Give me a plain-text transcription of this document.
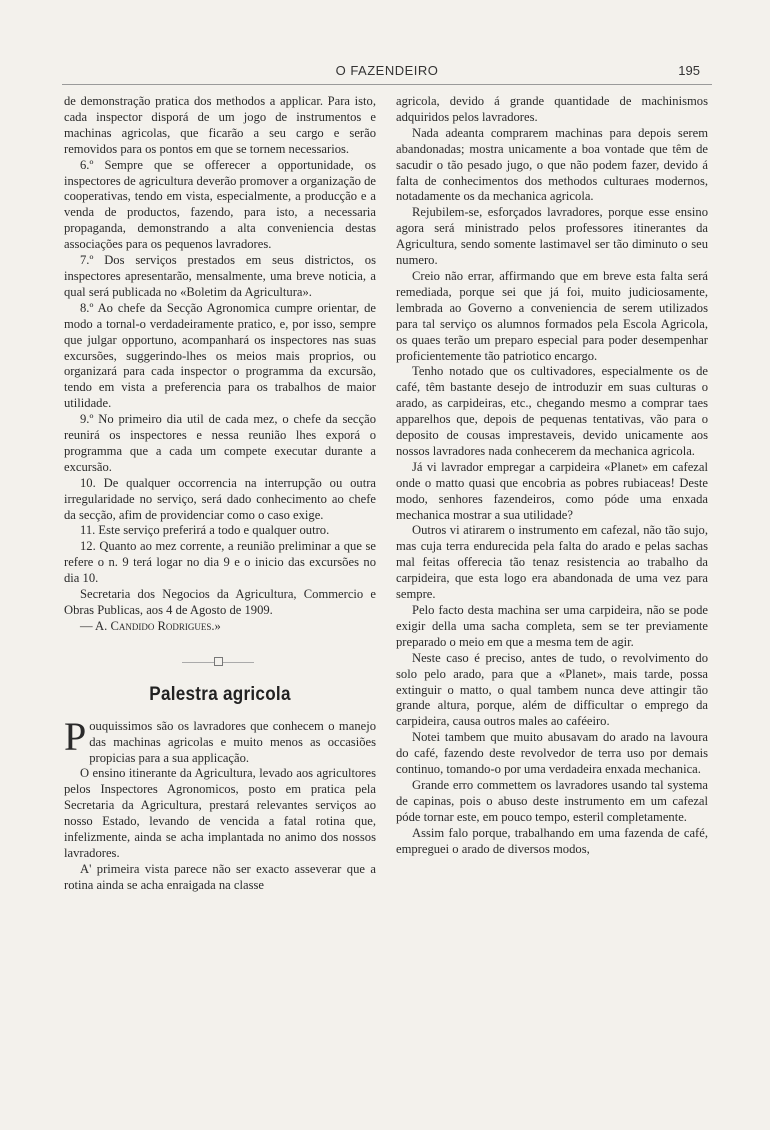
O FAZENDEIRO	195

de demonstração pratica dos methodos a applicar. Para isto, cada inspector disporá de um jogo de instrumentos e machinas agricolas, que ficarão a seu cargo e serão removidos para os pontos em que se tornem necessarios.

6.º Sempre que se offerecer a opportunidade, os inspectores de agricultura deverão promover a organização de cooperativas, tendo em vista, especialmente, a producção e a venda de productos, fazendo, para isto, a necessaria propaganda, demonstrando a alta conveniencia destas associações para os pequenos lavradores.

7.º Dos serviços prestados em seus districtos, os inspectores apresentarão, mensalmente, uma breve noticia, a qual será publicada no «Boletim da Agricultura».

8.º Ao chefe da Secção Agronomica cumpre orientar, de modo a tornal-o verdadeiramente pratico, e, por isso, sempre que julgar opportuno, acompanhará os inspectores nas suas excursões, suggerindo-lhes os meios mais proprios, ou organizará para cada inspector o programma da excursão, tendo em vista a preferencia para os trabalhos de maior utilidade.

9.º No primeiro dia util de cada mez, o chefe da secção reunirá os inspectores e nessa reunião lhes exporá o programma que a cada um compete executar durante a excursão.

10. De qualquer occorrencia na interrupção ou outra irregularidade no serviço, será dado conhecimento ao chefe da secção, afim de providenciar como o caso exige.

11. Este serviço preferirá a todo e qualquer outro.

12. Quanto ao mez corrente, a reunião preliminar a que se refere o n. 9 terá logar no dia 9 e o inicio das excursões no dia 10.

Secretaria dos Negocios da Agricultura, Commercio e Obras Publicas, aos 4 de Agosto de 1909.

— A. Candido Rodrigues.»

Palestra agricola

Pouquissimos são os lavradores que conhecem o manejo das machinas agricolas e muito menos as occasiões propicias para a sua applicação.

O ensino itinerante da Agricultura, levado aos agricultores pelos Inspectores Agronomicos, posto em pratica pela Secretaria da Agricultura, prestará relevantes serviços ao nosso Estado, levando de vencida a fatal rotina que, infelizmente, ainda se acha implantada no animo dos nossos lavradores.

A' primeira vista parece não ser exacto asseverar que a rotina ainda se acha enraigada na classe

agricola, devido á grande quantidade de machinismos adquiridos pelos lavradores.

Nada adeanta comprarem machinas para depois serem abandonadas; mostra unicamente a boa vontade que têm de sacudir o tão pesado jugo, o que não podem fazer, devido á falta de conhecimentos dos methodos culturaes modernos, notadamente os da mechanica agricola.

Rejubilem-se, esforçados lavradores, porque esse ensino agora será ministrado pelos professores itinerantes da Agricultura, sendo somente lastimavel ser tão diminuto o seu numero.

Creio não errar, affirmando que em breve esta falta será remediada, porque sei que já foi, muito judiciosamente, lembrada ao Governo a conveniencia de serem utilizados para tal serviço os alumnos formados pela Escola Agricola, os quaes terão um preparo especial para poder desempenhar proficientemente tão patriotico encargo.

Tenho notado que os cultivadores, especialmente os de café, têm bastante desejo de introduzir em suas culturas o arado, as carpideiras, etc., chegando mesmo a comprar taes apparelhos que, depois de pequenas tentativas, vão para o deposito de cousas imprestaveis, devido unicamente aos nossos lavradores nada conhecerem da mechanica agricola.

Já vi lavrador empregar a carpideira «Planet» em cafezal onde o matto quasi que encobria as pobres rubiaceas! Deste modo, senhores fazendeiros, como póde uma enxada mechanica mostrar a sua utilidade?

Outros vi atirarem o instrumento em cafezal, não tão sujo, mas cuja terra endurecida pela falta do arado e pelas sachas mal feitas offerecia tão tenaz resistencia ao trabalho da carpideira, que esta logo era abandonada de uma vez para sempre.

Pelo facto desta machina ser uma carpideira, não se pode exigir della uma sacha completa, sem se ter previamente preparado o meio em que a mesma tem de agir.

Neste caso é preciso, antes de tudo, o revolvimento do solo pelo arado, para que a «Planet», mais tarde, possa extinguir o matto, o qual tambem nunca deve attingir tão grande altura, porque, além de difficultar o emprego da carpideira, causa outros males ao caféeiro.

Notei tambem que muito abusavam do arado na lavoura do café, fazendo deste revolvedor de terra uso por demais continuo, tomando-o por uma verdadeira enxada mechanica.

Grande erro commettem os lavradores usando tal systema de capinas, pois o abuso deste instrumento em um cafezal póde tornar este, em pouco tempo, esteril completamente.

Assim falo porque, trabalhando em uma fazenda de café, empreguei o arado de diversos modos,
